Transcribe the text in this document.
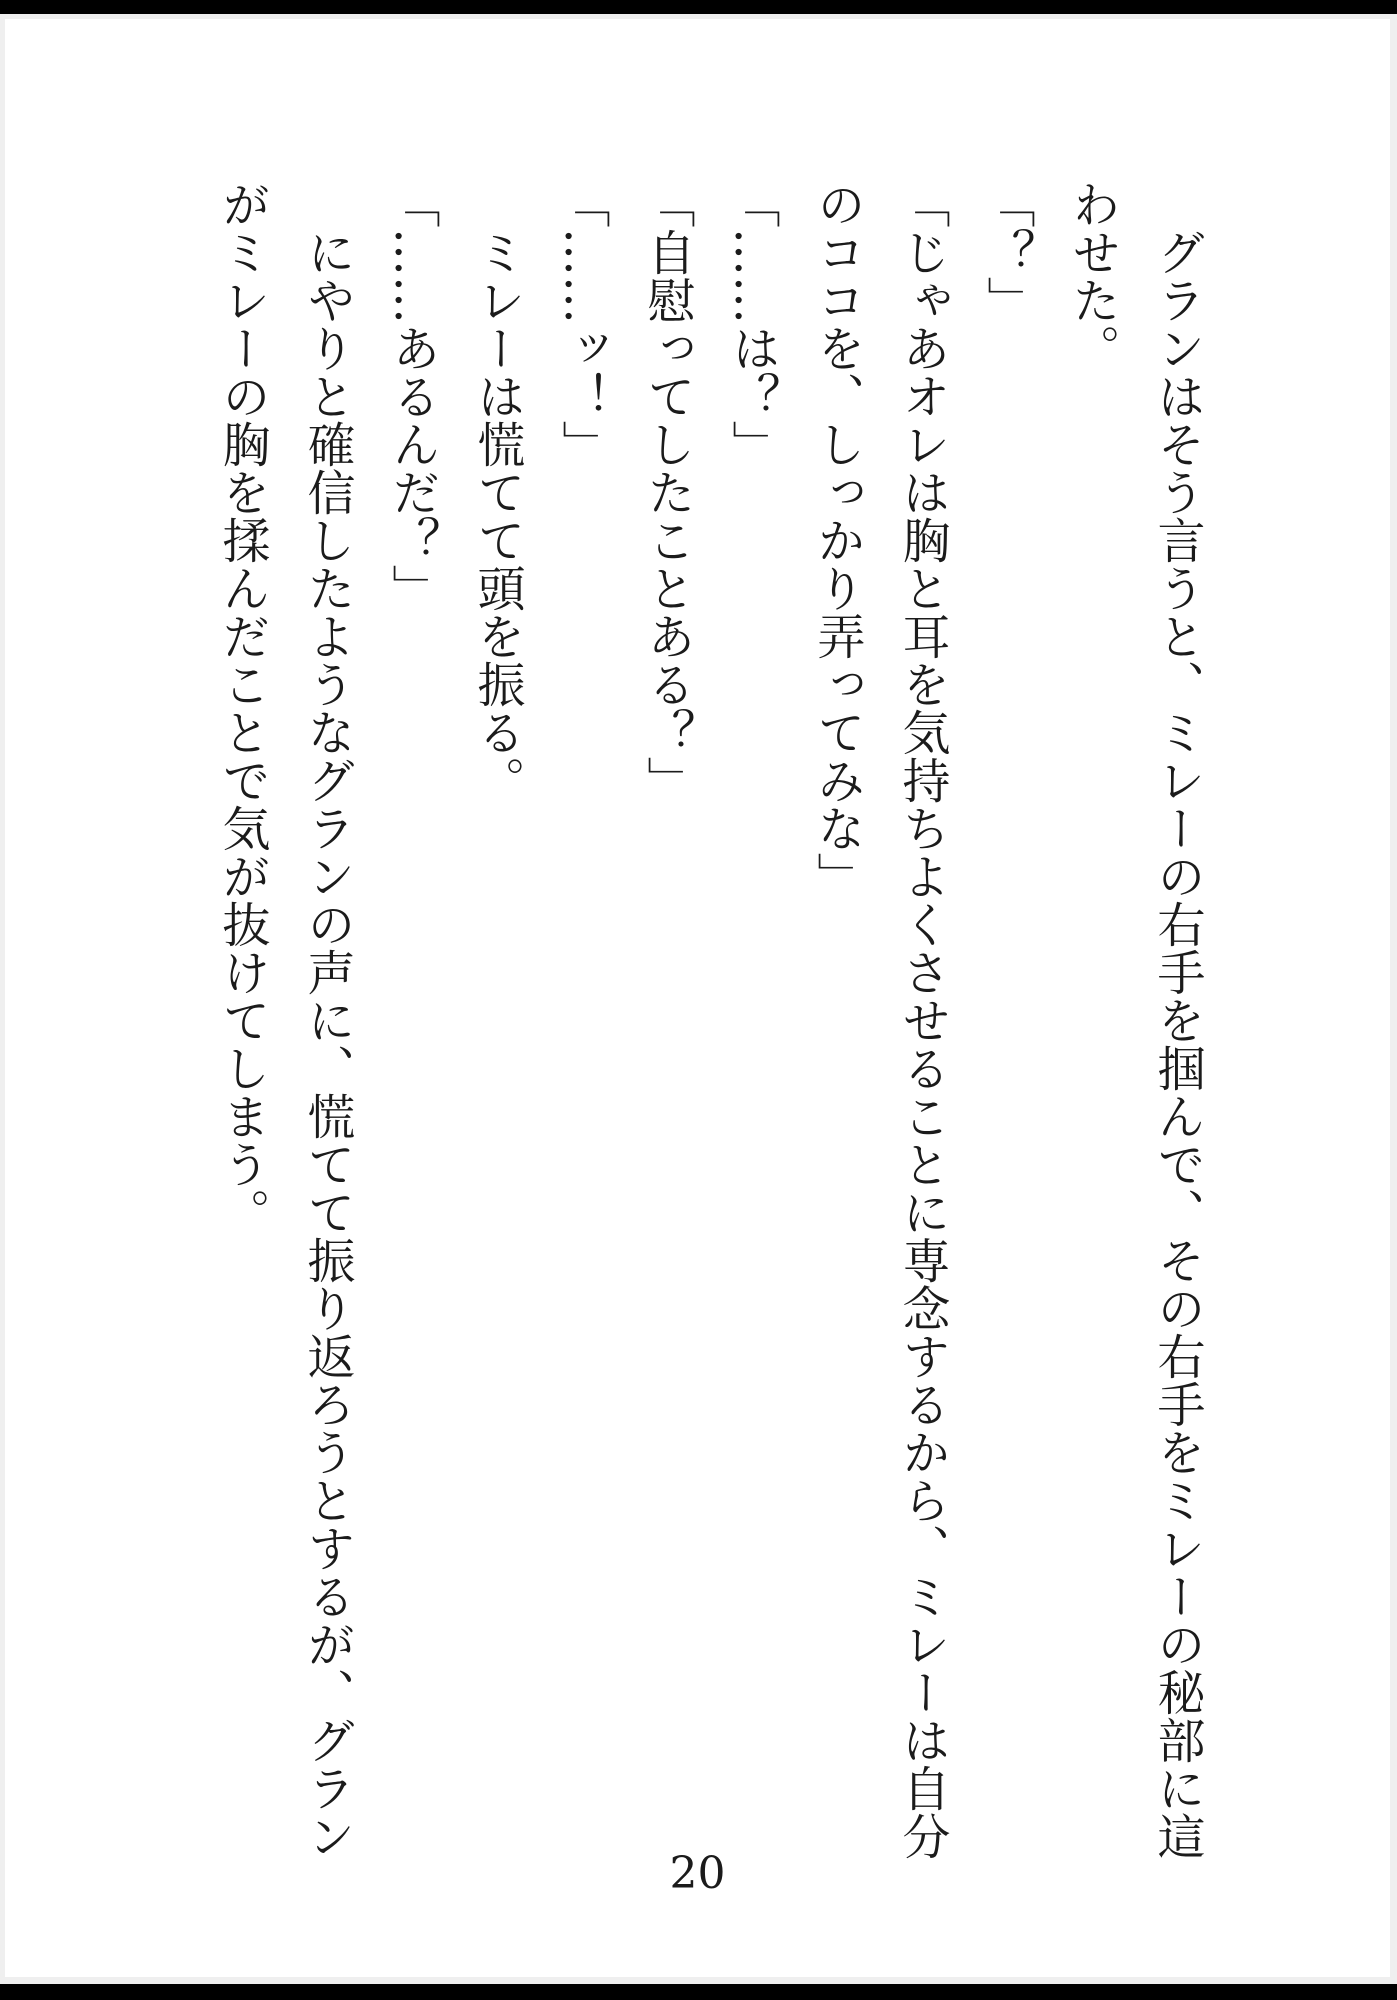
グランはそう言うと、ミレーの右手を掴んで、その右手をミレーの秘部に這わせた。

「？」

「じゃあオレは胸と耳を気持ちよくさせることに専念するから、ミレーは自分のココを、しっかり弄ってみな」

「……は？」

「自慰ってしたことある？」

「……ッ！」

ミレーは慌てて頭を振る。

「……あるんだ？」

にやりと確信したようなグランの声に、慌てて振り返ろうとするが、グランがミレーの胸を揉んだことで気が抜けてしまう。

20
